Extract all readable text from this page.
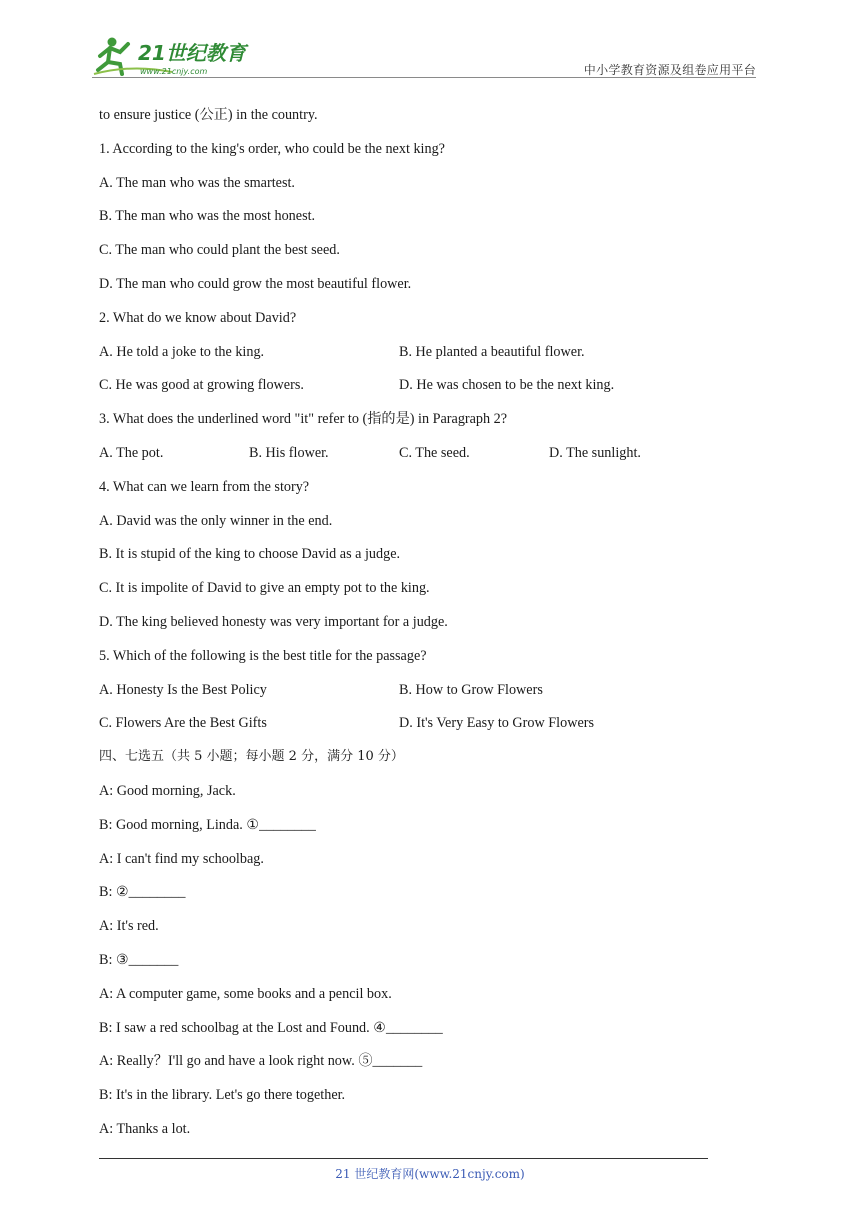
21世纪教育
www.21cnjy.com	中小学教育资源及组卷应用平台
to ensure justice (公正) in the country.
1. According to the king's order, who could be the next king?
A. The man who was the smartest.
B. The man who was the most honest.
C. The man who could plant the best seed.
D. The man who could grow the most beautiful flower.
2. What do we know about David?
A. He told a joke to the king.	B. He planted a beautiful flower.
C. He was good at growing flowers.	D. He was chosen to be the next king.
3. What does the underlined word "it" refer to (指的是) in Paragraph 2?
A. The pot.	B. His flower.	C. The seed.	D. The sunlight.
4. What can we learn from the story?
A. David was the only winner in the end.
B. It is stupid of the king to choose David as a judge.
C. It is impolite of David to give an empty pot to the king.
D. The king believed honesty was very important for a judge.
5. Which of the following is the best title for the passage?
A. Honesty Is the Best Policy	B. How to Grow Flowers
C. Flowers Are the Best Gifts	D. It's Very Easy to Grow Flowers
四、七选五（共 5 小题；每小题 2 分，满分 10 分）
A: Good morning, Jack.
B: Good morning, Linda. ①________
A: I can't find my schoolbag.
B: ②________
A: It's red.
B: ③_______
A: A computer game, some books and a pencil box.
B: I saw a red schoolbag at the Lost and Found. ④________
A: Really？I'll go and have a look right now. ⑤_______
B: It's in the library. Let's go there together.
A: Thanks a lot.
21 世纪教育网(www.21cnjy.com)
